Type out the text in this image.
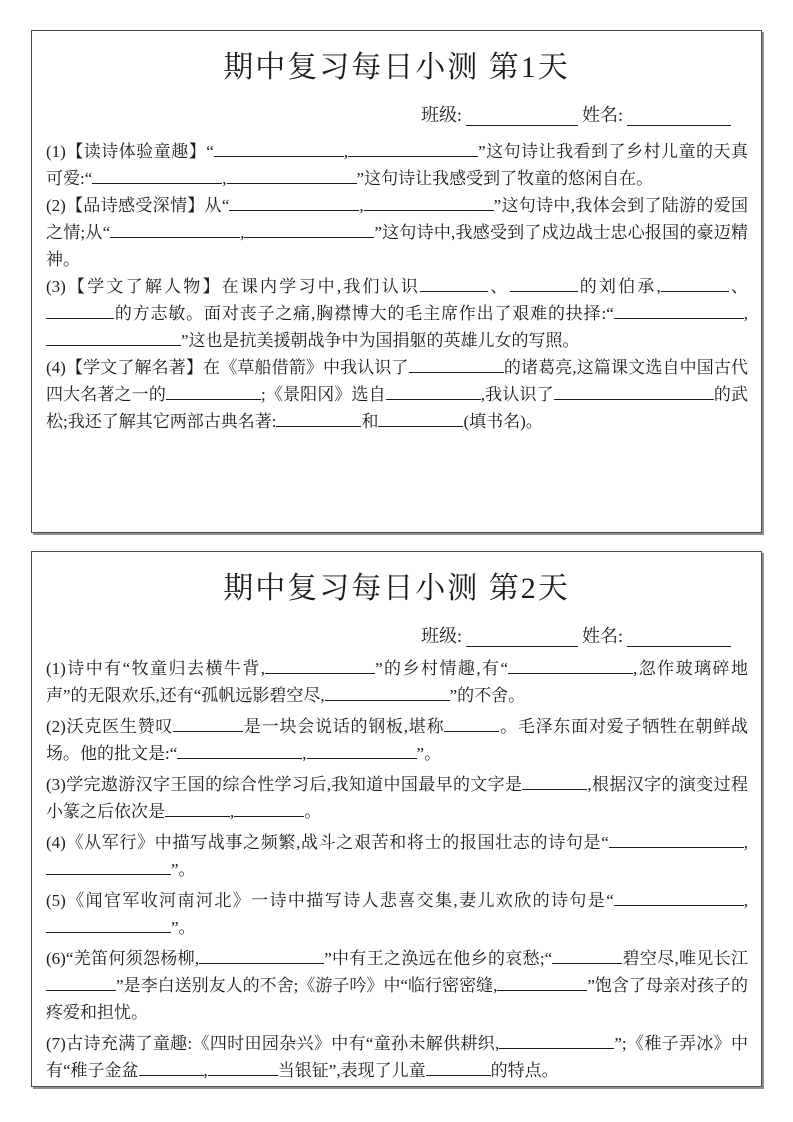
期中复习每日小测 第1天
班级:	姓名:

(1)【读诗体验童趣】“	,	”这句诗让我看到了乡村儿童的天真可爱:“	,	”这句诗让我感受到了牧童的悠闲自在。

(2)【品诗感受深情】从“	,	”这句诗中,我体会到了陆游的爱国之情;从“	,	”这句诗中,我感受到了戍边战士忠心报国的豪迈精神。

(3)【学文了解人物】在课内学习中,我们认识	、	的刘伯承,	、的方志敏。面对丧子之痛,胸襟博大的毛主席作出了艰难的抉择:“	,”这也是抗美援朝战争中为国捐躯的英雄儿女的写照。

(4)【学文了解名著】在《草船借箭》中我认识了	的诸葛亮,这篇课文选自中国古代四大名著之一的	;《景阳冈》选自	,我认识了	的武松;我还了解其它两部古典名著:	和	(填书名)。

期中复习每日小测 第2天
班级:	姓名:

(1)诗中有“牧童归去横牛背,	”的乡村情趣,有“	,忽作玻璃碎地声”的无限欢乐,还有“孤帆远影碧空尽,	”的不舍。

(2)沃克医生赞叹	是一块会说话的钢板,堪称	。毛泽东面对爱子牺牲在朝鲜战场。他的批文是:“	,	”。

(3)学完遨游汉字王国的综合性学习后,我知道中国最早的文字是	,根据汉字的演变过程小篆之后依次是	,	。

(4)《从军行》中描写战事之频繁,战斗之艰苦和将士的报国壮志的诗句是“	,”。

(5)《闻官军收河南河北》一诗中描写诗人悲喜交集,妻儿欢欣的诗句是“	,”。

(6)“羌笛何须怨杨柳,	”中有王之涣远在他乡的哀愁;“	碧空尽,唯见长江”是李白送别友人的不舍;《游子吟》中“临行密密缝,	”饱含了母亲对孩子的疼爱和担忧。

(7)古诗充满了童趣:《四时田园杂兴》中有“童孙未解供耕织,	”;《稚子弄冰》中有“稚子金盆	,	当银钲”,表现了儿童	的特点。
